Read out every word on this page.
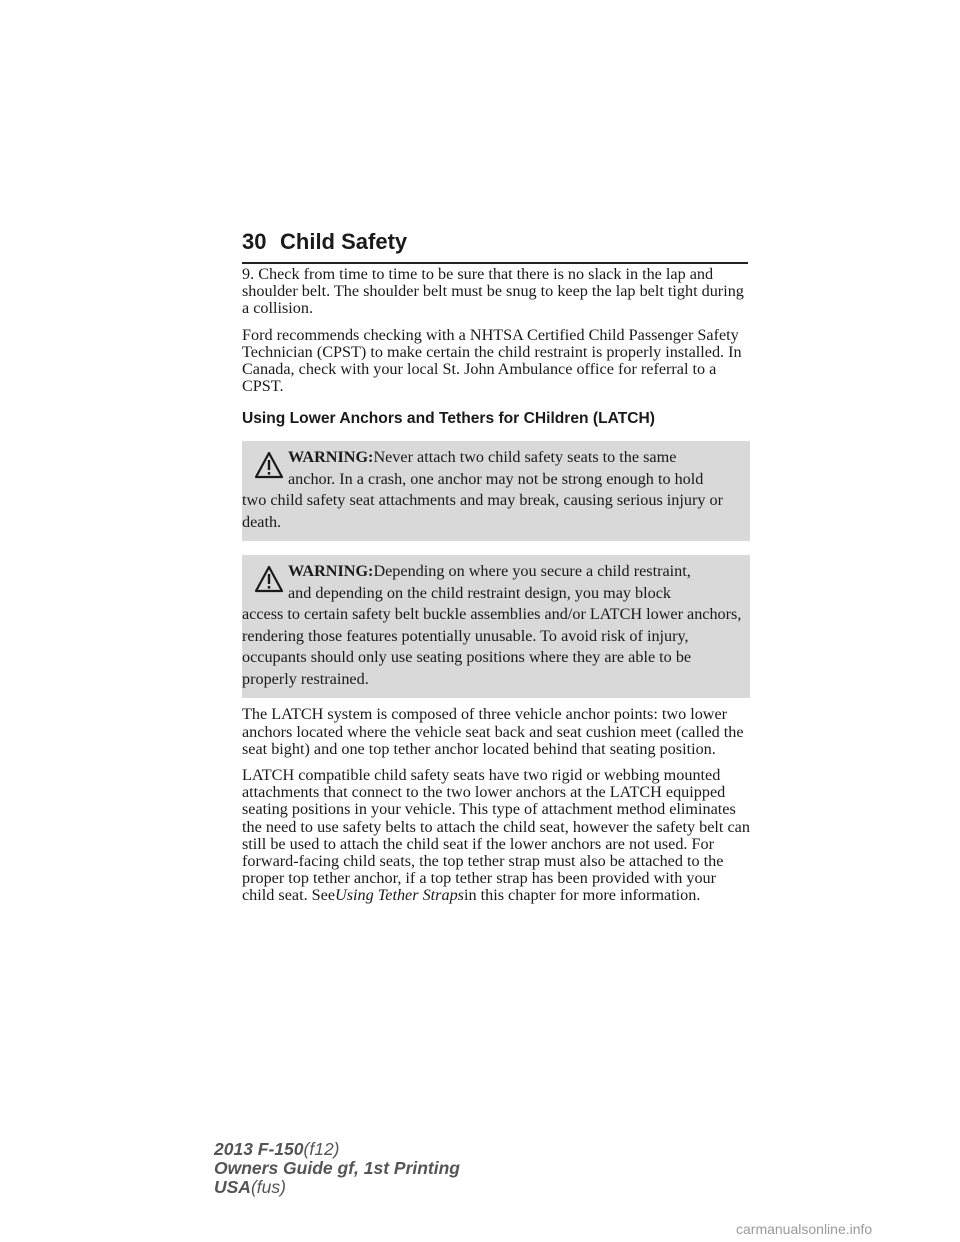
30 Child Safety

9. Check from time to time to be sure that there is no slack in the lap and shoulder belt. The shoulder belt must be snug to keep the lap belt tight during a collision.

Ford recommends checking with a NHTSA Certified Child Passenger Safety Technician (CPST) to make certain the child restraint is properly installed. In Canada, check with your local St. John Ambulance office for referral to a CPST.

Using Lower Anchors and Tethers for CHildren (LATCH)
WARNING:Never attach two child safety seats to the same
anchor. In a crash, one anchor may not be strong enough to hold
two child safety seat attachments and may break, causing serious injury or death.
WARNING:Depending on where you secure a child restraint,
and depending on the child restraint design, you may block
access to certain safety belt buckle assemblies and/or LATCH lower anchors, rendering those features potentially unusable. To avoid risk of injury, occupants should only use seating positions where they are able to be properly restrained.

The LATCH system is composed of three vehicle anchor points: two lower anchors located where the vehicle seat back and seat cushion meet (called the seat bight) and one top tether anchor located behind that seating position.

LATCH compatible child safety seats have two rigid or webbing mounted attachments that connect to the two lower anchors at the LATCH equipped seating positions in your vehicle. This type of attachment method eliminates the need to use safety belts to attach the child seat, however the safety belt can still be used to attach the child seat if the lower anchors are not used. For forward-facing child seats, the top tether strap must also be attached to the proper top tether anchor, if a top tether strap has been provided with your child seat. SeeUsing Tether Strapsin this chapter for more information.

2013 F-150(f12)
Owners Guide gf, 1st Printing
USA(fus)
carmanualsonline.info
